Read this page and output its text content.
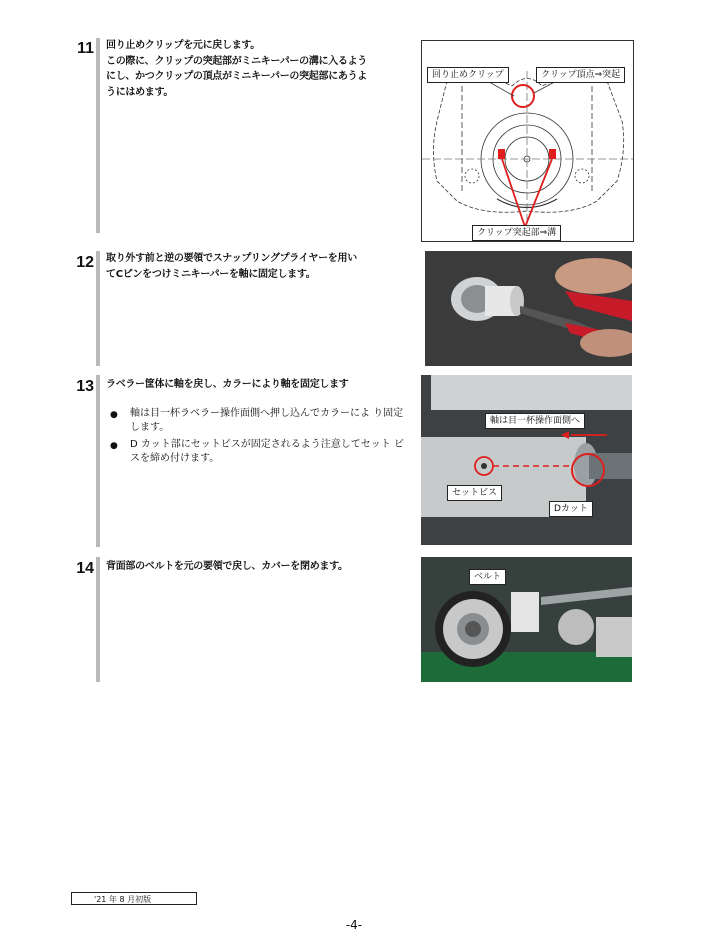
11 回り止めクリップを元に戻します。

この際に、クリップの突起部がミニキーパーの溝に入るよう

にし、かつクリップの頂点がミニキーパーの突起部にあうよ

うにはめます。

回り止めクリップ	クリップ頂点⇒突起
クリップ突起部⇒溝
12 取り外す前と逆の要領でスナップリングプライヤーを用い

てCピンをつけミニキーパーを軸に固定します。

13 ラベラー筐体に軸を戻し、カラーにより軸を固定します
● 軸は目一杯ラベラー操作面側へ押し込んでカラーによ り固定します。
● D カット部にセットビスが固定されるよう注意してセット ビスを締め付けます。
軸は目一杯操作面側へ
セットビス
Dカット
14 背面部のベルトを元の要領で戻し、カバーを閉めます。

ベルト
'21 年 8 月初版
-4-
